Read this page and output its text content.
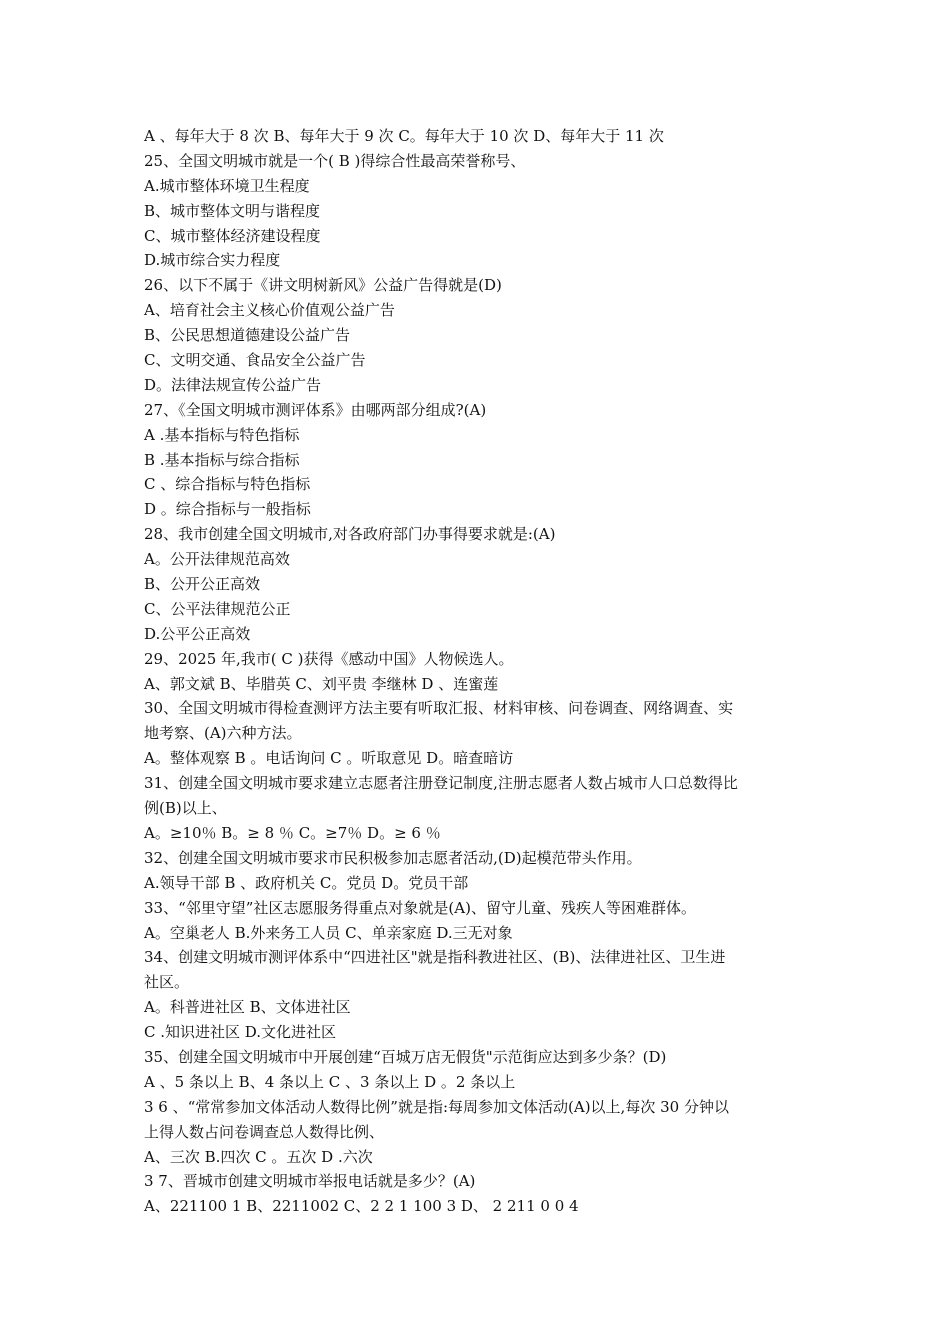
A 、每年大于 8 次 B、每年大于 9 次 C。每年大于 10 次 D、每年大于 11 次
25、全国文明城市就是一个( B )得综合性最高荣誉称号、
A.城市整体环境卫生程度
B、城市整体文明与谐程度
C、城市整体经济建设程度
D.城市综合实力程度
26、以下不属于《讲文明树新风》公益广告得就是(D)
A、培育社会主义核心价值观公益广告
B、公民思想道德建设公益广告
C、文明交通、食品安全公益广告
D。法律法规宣传公益广告
27、《全国文明城市测评体系》由哪两部分组成?(A)
A .基本指标与特色指标
B .基本指标与综合指标
C 、综合指标与特色指标
D 。综合指标与一般指标
28、我市创建全国文明城市,对各政府部门办事得要求就是:(A)
A。公开法律规范高效
B、公开公正高效
C、公平法律规范公正
D.公平公正高效
29、2025 年,我市( C )获得《感动中国》人物候选人。
A、郭文斌 B、毕腊英 C、刘平贵 李继林 D 、连蜜莲
30、全国文明城市得检查测评方法主要有听取汇报、材料审核、问卷调查、网络调查、实
地考察、(A)六种方法。
A。整体观察 B 。电话询问 C 。听取意见 D。暗查暗访
31、创建全国文明城市要求建立志愿者注册登记制度,注册志愿者人数占城市人口总数得比
例(B)以上、
A。≥10％ B。≥ 8 ％ C。≥7％ D。≥ 6 ％
32、创建全国文明城市要求市民积极参加志愿者活动,(D)起模范带头作用。
A.领导干部 B 、政府机关 C。党员 D。党员干部
33、“邻里守望”社区志愿服务得重点对象就是(A)、留守儿童、残疾人等困难群体。
A。空巢老人 B.外来务工人员 C、单亲家庭 D.三无对象
34、创建文明城市测评体系中“四进社区"就是指科教进社区、(B)、法律进社区、卫生进
社区。
A。科普进社区 B、文体进社区
C .知识进社区 D.文化进社区
35、创建全国文明城市中开展创建“百城万店无假货"示范街应达到多少条？(D)
A 、5 条以上 B、4 条以上 C 、3 条以上 D 。2 条以上
3 6 、“常常参加文体活动人数得比例”就是指:每周参加文体活动(A)以上,每次 30 分钟以
上得人数占问卷调查总人数得比例、
A、三次 B.四次 C 。五次 D .六次
3 7、晋城市创建文明城市举报电话就是多少？(A)
A、221100 1 B、2211002 C、2 2 1 100 3 D、 2 211 0 0 4
